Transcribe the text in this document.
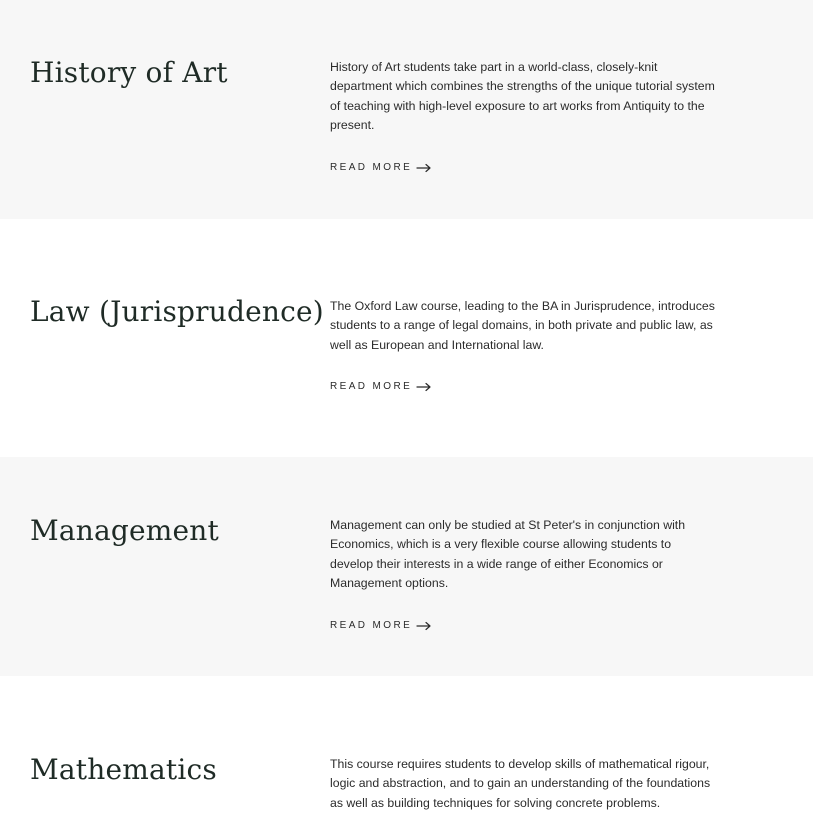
History of Art	History of Art students take part in a world-class, closely-knit department which combines the strengths of the unique tutorial system of teaching with high-level exposure to art works from Antiquity to the present.

READ MORE
Law (Jurisprudence) The Oxford Law course, leading to the BA in Jurisprudence, introduces students to a range of legal domains, in both private and public law, as well as European and International law.

READ MORE
Management	Management can only be studied at St Peter's in conjunction with Economics, which is a very flexible course allowing students to develop their interests in a wide range of either Economics or Management options.

READ MORE
Mathematics	This course requires students to develop skills of mathematical rigour, logic and abstraction, and to gain an understanding of the foundations as well as building techniques for solving concrete problems.
